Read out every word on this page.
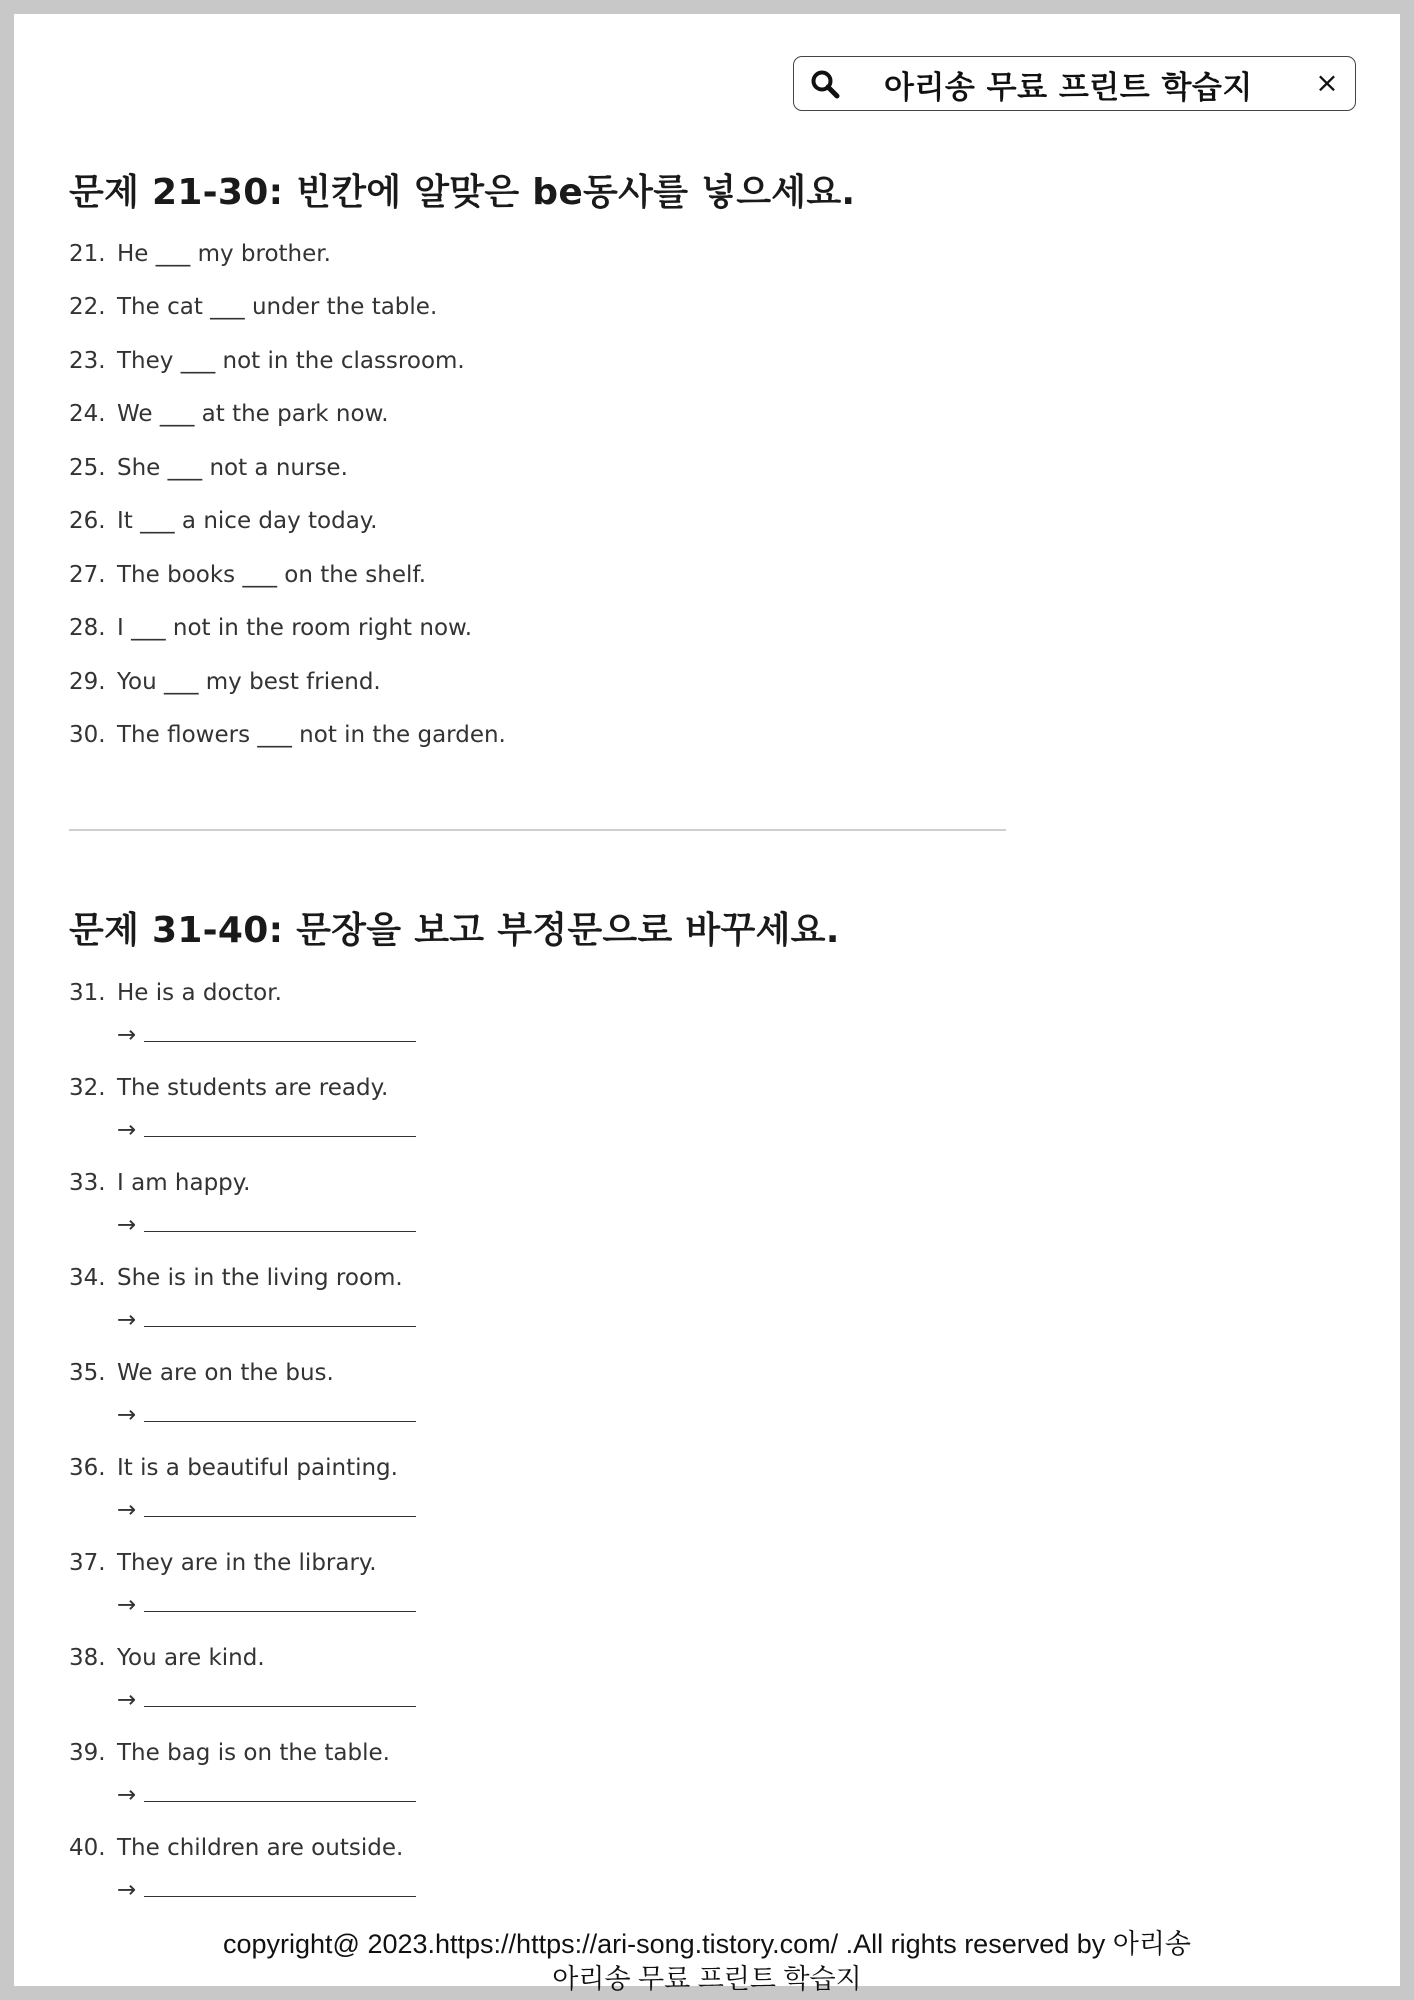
아리송 무료 프린트 학습지 ×
문제 21-30: 빈칸에 알맞은 be동사를 넣으세요.
21. He ___ my brother.
22. The cat ___ under the table.
23. They ___ not in the classroom.
24. We ___ at the park now.
25. She ___ not a nurse.
26. It ___ a nice day today.
27. The books ___ on the shelf.
28. I ___ not in the room right now.
29. You ___ my best friend.
30. The flowers ___ not in the garden.
문제 31-40: 문장을 보고 부정문으로 바꾸세요.
31. He is a doctor.
→
32. The students are ready.
→
33. I am happy.
→
34. She is in the living room.
→
35. We are on the bus.
→
36. It is a beautiful painting.
→
37. They are in the library.
→
38. You are kind.
→
39. The bag is on the table.
→
40. The children are outside.
→
copyright@ 2023.https://https://ari-song.tistory.com/ .All rights reserved by 아리송
아리송 무료 프린트 학습지
